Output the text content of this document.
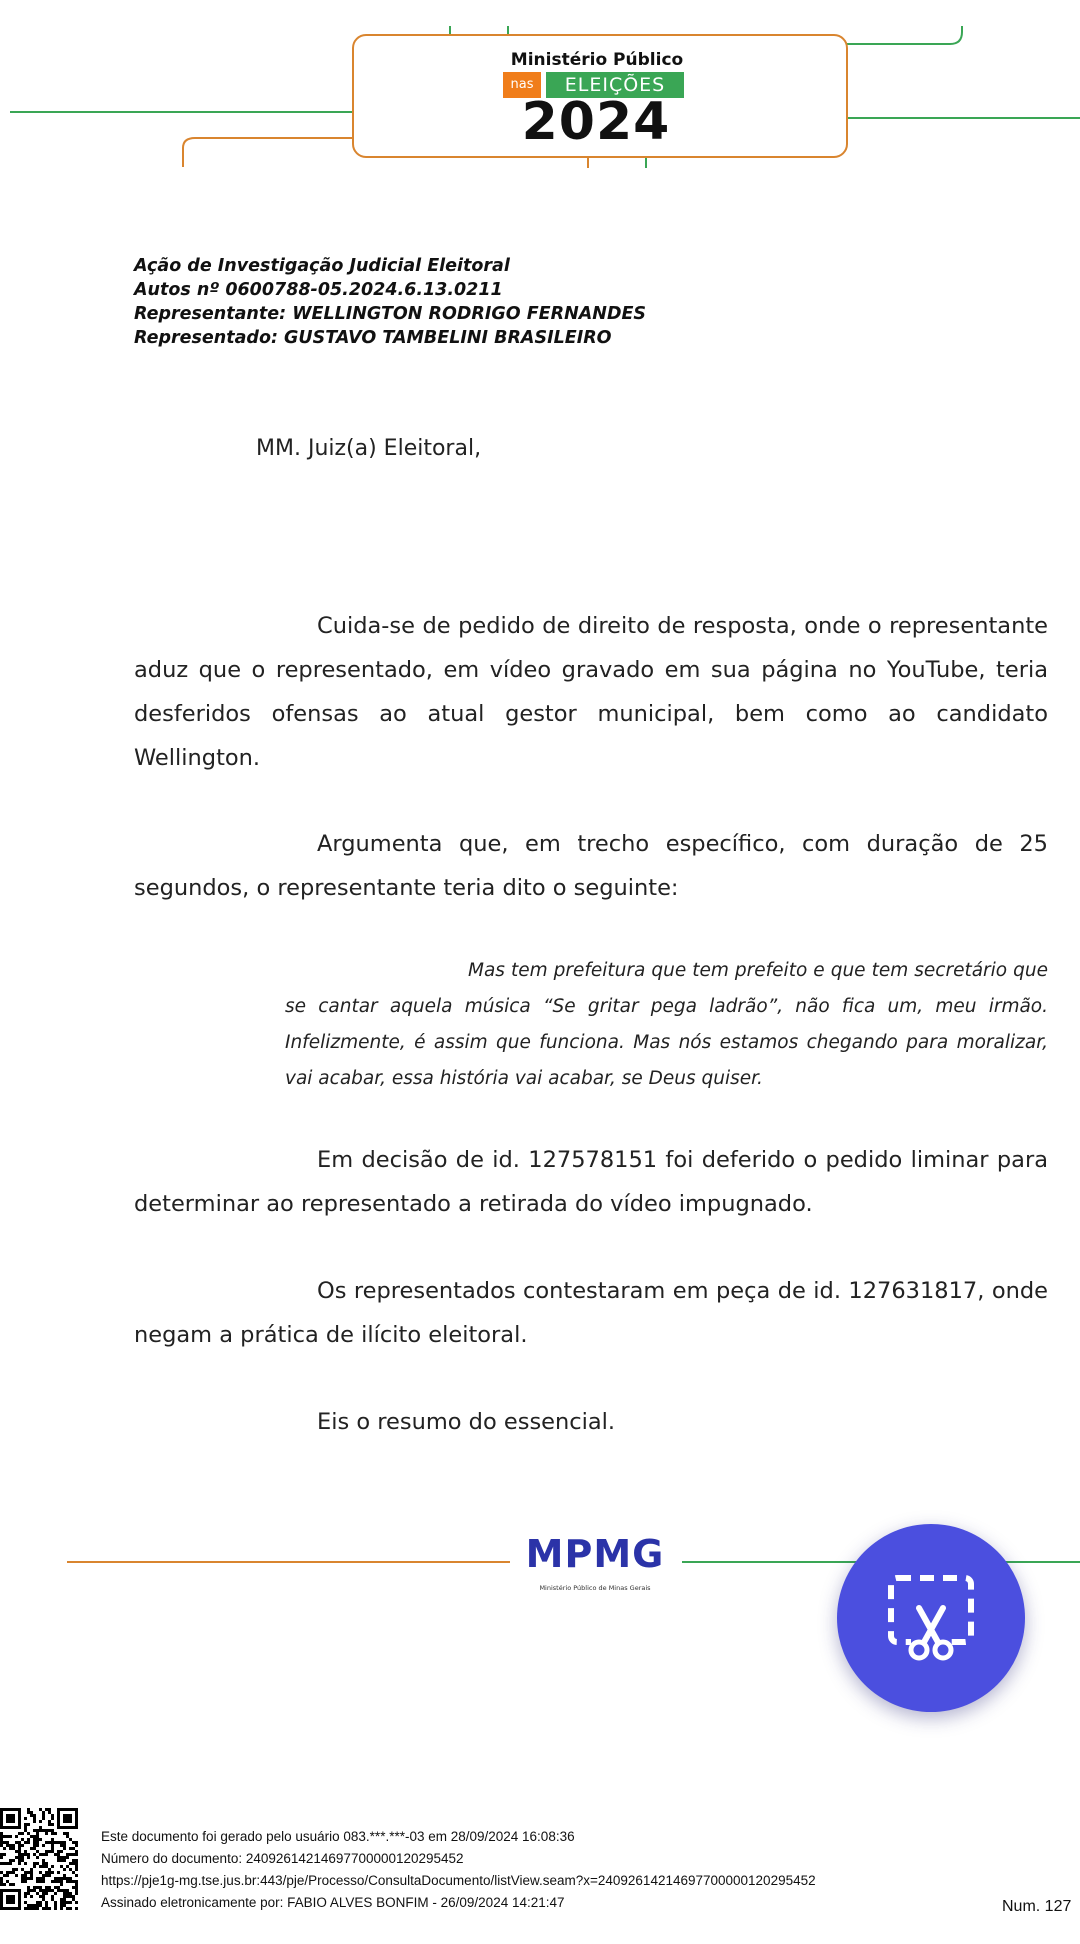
Ministério Público
nas	ELEIÇÕES
2024
Ação de Investigação Judicial Eleitoral
Autos nº 0600788-05.2024.6.13.0211
Representante: WELLINGTON RODRIGO FERNANDES
Representado: GUSTAVO TAMBELINI BRASILEIRO
MM. Juiz(a) Eleitoral,

Cuida-se de pedido de direito de resposta, onde o representante aduz que o representado, em vídeo gravado em sua página no YouTube, teria desferidos ofensas ao atual gestor municipal, bem como ao candidato Wellington.

Argumenta que, em trecho específico, com duração de 25 segundos, o representante teria dito o seguinte:

Mas tem prefeitura que tem prefeito e que tem secretário que se cantar aquela música “Se gritar pega ladrão”, não fica um, meu irmão. Infelizmente, é assim que funciona. Mas nós estamos chegando para moralizar, vai acabar, essa história vai acabar, se Deus quiser.

Em decisão de id. 127578151 foi deferido o pedido liminar para determinar ao representado a retirada do vídeo impugnado.

Os representados contestaram em peça de id. 127631817, onde negam a prática de ilícito eleitoral.

Eis o resumo do essencial.

MPMG
Ministério Público de Minas Gerais
Este documento foi gerado pelo usuário 083.***.***-03 em 28/09/2024 16:08:36
Número do documento: 24092614214697700000120295452
https://pje1g-mg.tse.jus.br:443/pje/Processo/ConsultaDocumento/listView.seam?x=24092614214697700000120295452
Assinado eletronicamente por: FABIO ALVES BONFIM - 26/09/2024 14:21:47	Num. 127
